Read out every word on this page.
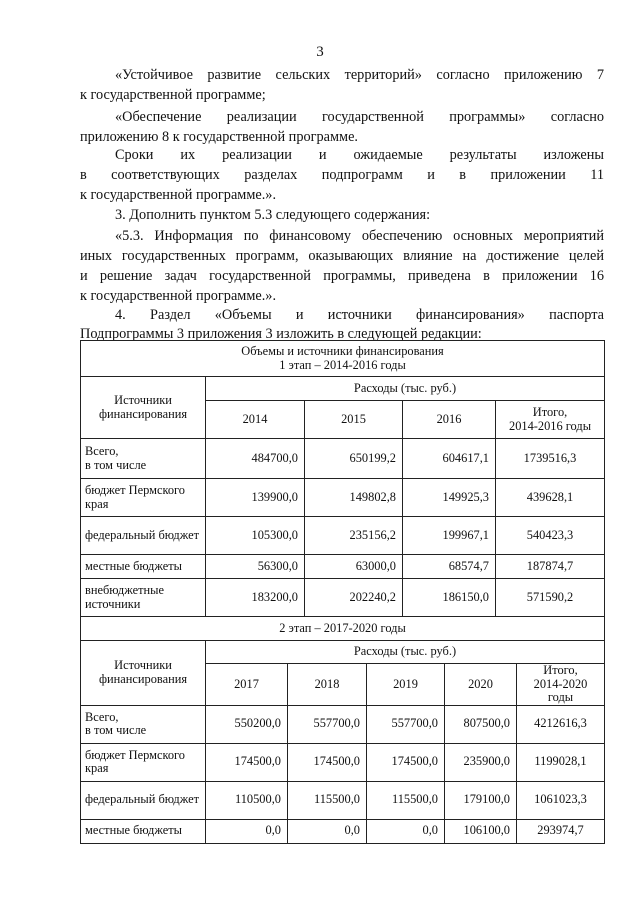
3

«Устойчивое развитие сельских территорий» согласно приложению 7

к государственной программе;

«Обеспечение реализации государственной программы» согласно

приложению 8 к государственной программе.

Сроки их реализации и ожидаемые результаты изложены

в соответствующих разделах подпрограмм и в приложении 11

к государственной программе.».

3. Дополнить пунктом 5.3 следующего содержания:

«5.3. Информация по финансовому обеспечению основных мероприятий

иных государственных программ, оказывающих влияние на достижение целей

и решение задач государственной программы, приведена в приложении 16

к государственной программе.».

4. Раздел «Объемы и источники финансирования» паспорта

Подпрограммы 3 приложения 3 изложить в следующей редакции:

Объемы и источники финансирования
1 этап – 2014-2016 годы				

Источники финансирования	Расходы (тыс. руб.)			
	2014	2015	2016	Итого,
2014-2016 годы

Всего,
в том числе	484700,0	650199,2	604617,1	1739516,3
бюджет Пермского края	139900,0	149802,8	149925,3	439628,1
федеральный бюджет	105300,0	235156,2	199967,1	540423,3
местные бюджеты	56300,0	63000,0	68574,7	187874,7
внебюджетные источники	183200,0	202240,2	186150,0	571590,2
2 этап – 2017-2020 годы					
Источники финансирования	Расходы (тыс. руб.)				
	2017	2018	2019	2020	Итого,
2014-2020 годы

Всего,
в том числе	550200,0	557700,0	557700,0	807500,0	4212616,3
бюджет Пермского края	174500,0	174500,0	174500,0	235900,0	1199028,1
федеральный бюджет	110500,0	115500,0	115500,0	179100,0	1061023,3
местные бюджеты	0,0	0,0	0,0	106100,0	293974,7
